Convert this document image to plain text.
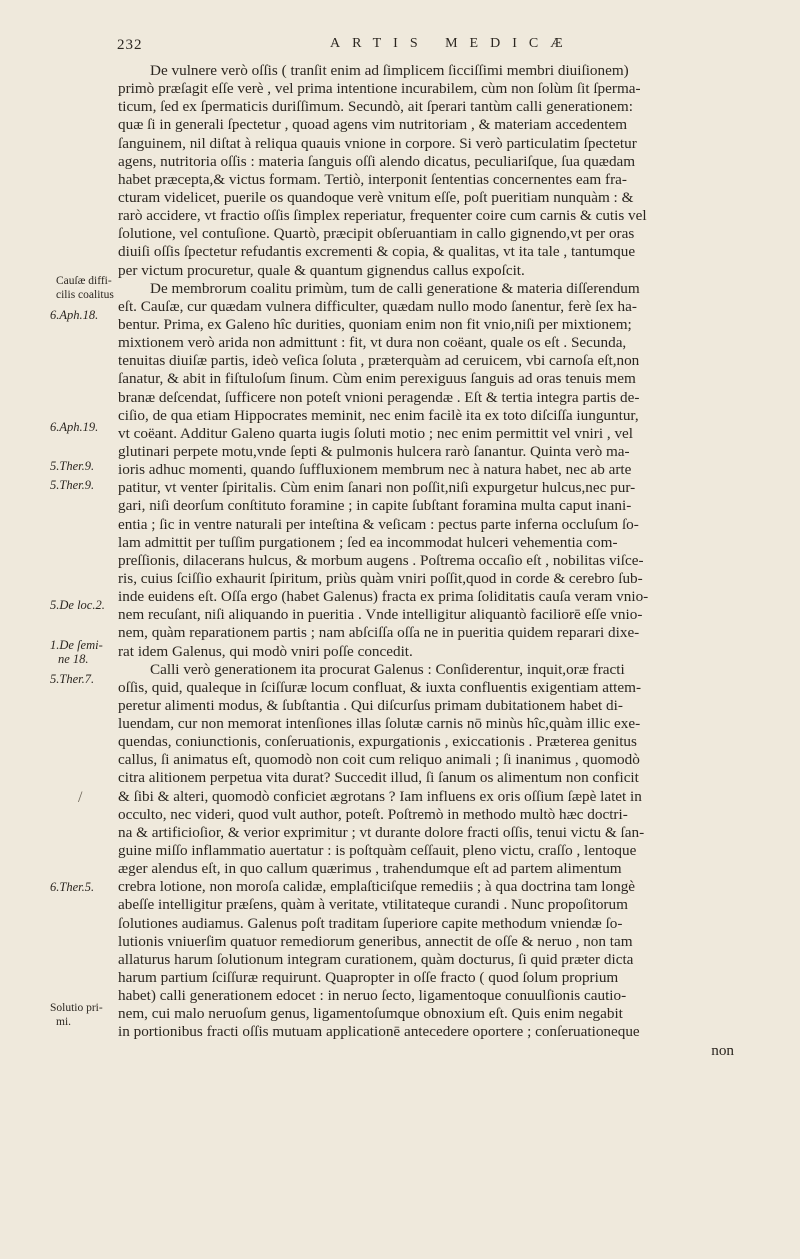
232	ARTIS MEDICÆ
De vulnere verò oſſis ( tranſit enim ad ſimplicem ſicciſſimi membri diuiſionem)
primò præſagit eſſe verè , vel prima intentione incurabilem, cùm non ſolùm ſit ſperma-
ticum, ſed ex ſpermaticis duriſſimum. Secundò, ait ſperari tantùm calli generationem:
quæ ſi in generali ſpectetur , quoad agens vim nutritoriam , & materiam accedentem
ſanguinem, nil diſtat à reliqua quauis vnione in corpore. Si verò particulatim ſpectetur
agens, nutritoria oſſis : materia ſanguis oſſi alendo dicatus, peculiariſque, ſua quædam
habet præcepta,& victus formam. Tertiò, interponit ſententias concernentes eam fra-
cturam videlicet, puerile os quandoque verè vnitum eſſe, poſt pueritiam nunquàm : &
rarò accidere, vt fractio oſſis ſimplex reperiatur, frequenter coire cum carnis & cutis vel
ſolutione, vel contuſione. Quartò, præcipit obſeruantiam in callo gignendo,vt per oras
diuiſi oſſis ſpectetur refudantis excrementi & copia, & qualitas, vt ita tale , tantumque
per victum procuretur, quale & quantum gignendus callus expoſcit.
De membrorum coalitu primùm, tum de calli generatione & materia diſſerendum
eſt. Cauſæ, cur quædam vulnera difficulter, quædam nullo modo ſanentur, ferè ſex ha-
bentur. Prima, ex Galeno hîc durities, quoniam enim non fit vnio,niſi per mixtionem;
mixtionem verò arida non admittunt : fit, vt dura non coëant, quale os eſt . Secunda,
tenuitas diuiſæ partis, ideò veſica ſoluta , præterquàm ad ceruicem, vbi carnoſa eſt,non
ſanatur, & abit in fiſtuloſum ſinum. Cùm enim perexiguus ſanguis ad oras tenuis mem
branæ deſcendat, ſufficere non poteſt vnioni peragendæ . Eſt & tertia integra partis de-
ciſio, de qua etiam Hippocrates meminit, nec enim facilè ita ex toto diſciſſa iunguntur,
vt coëant. Additur Galeno quarta iugis ſoluti motio ; nec enim permittit vel vniri , vel
glutinari perpete motu,vnde ſepti & pulmonis hulcera rarò ſanantur. Quinta verò ma-
ioris adhuc momenti, quando ſuffluxionem membrum nec à natura habet, nec ab arte
patitur, vt venter ſpiritalis. Cùm enim ſanari non poſſit,niſi expurgetur hulcus,nec pur-
gari, niſi deorſum conſtituto foramine ; in capite ſubſtant foramina multa caput inani-
entia ; ſic in ventre naturali per inteſtina & veſicam : pectus parte inferna occluſum ſo-
lam admittit per tuſſim purgationem ; ſed ea incommodat hulceri vehementia com-
preſſionis, dilacerans hulcus, & morbum augens . Poſtrema occaſio eſt , nobilitas viſce-
ris, cuius ſciſſio exhaurit ſpiritum, priùs quàm vniri poſſit,quod in corde & cerebro ſub-
inde euidens eſt. Oſſa ergo (habet Galenus) fracta ex prima ſoliditatis cauſa veram vnio-
nem recuſant, niſi aliquando in pueritia . Vnde intelligitur aliquantò faciliorē eſſe vnio-
nem, quàm reparationem partis ; nam abſciſſa oſſa ne in pueritia quidem reparari dixe-
rat idem Galenus, qui modò vniri poſſe concedit.
Calli verò generationem ita procurat Galenus : Conſiderentur, inquit,oræ fracti
oſſis, quid, qualeque in ſciſſuræ locum confluat, & iuxta confluentis exigentiam attem-
peretur alimenti modus, & ſubſtantia . Qui diſcurſus primam dubitationem habet di-
luendam, cur non memorat intenſiones illas ſolutæ carnis nō minùs hîc,quàm illic exe-
quendas, coniunctionis, conſeruationis, expurgationis , exiccationis . Præterea genitus
callus, ſi animatus eſt, quomodò non coit cum reliquo animali ; ſi inanimus , quomodò
citra alitionem perpetua vita durat? Succedit illud, ſi ſanum os alimentum non conficit
& ſibi & alteri, quomodò conficiet ægrotans ? Iam influens ex oris oſſium ſæpè latet in
occulto, nec videri, quod vult author, poteſt. Poſtremò in methodo multò hæc doctri-
na & artificioſior, & verior exprimitur ; vt durante dolore fracti oſſis, tenui victu & ſan-
guine miſſo inflammatio auertatur : is poſtquàm ceſſauit, pleno victu, craſſo , lentoque
æger alendus eſt, in quo callum quærimus , trahendumque eſt ad partem alimentum
crebra lotione, non moroſa calidæ, emplaſticiſque remediis ; à qua doctrina tam longè
abeſſe intelligitur præſens, quàm à veritate, vtilitateque curandi . Nunc propoſitorum
ſolutiones audiamus. Galenus poſt traditam ſuperiore capite methodum vniendæ ſo-
lutionis vniuerſim quatuor remediorum generibus, annectit de oſſe & neruo , non tam
allaturus harum ſolutionum integram curationem, quàm docturus, ſi quid præter dicta
harum partium ſciſſuræ requirunt. Quapropter in oſſe fracto ( quod ſolum proprium
habet) calli generationem edocet : in neruo ſecto, ligamentoque conuulſionis cautio-
nem, cui malo neruoſum genus, ligamentoſumque obnoxium eſt. Quis enim negabit
in portionibus fracti oſſis mutuam applicationē antecedere oportere ; conſeruationeque
non
Cauſæ diffi-
cilis coalitus
6.Aph.18.
6.Aph.19.
5.Ther.9.
5.Ther.9.
5.De loc.2.
1.De ſemi-
ne 18.
5.Ther.7.
6.Ther.5.
Solutio pri-
mi.
/
